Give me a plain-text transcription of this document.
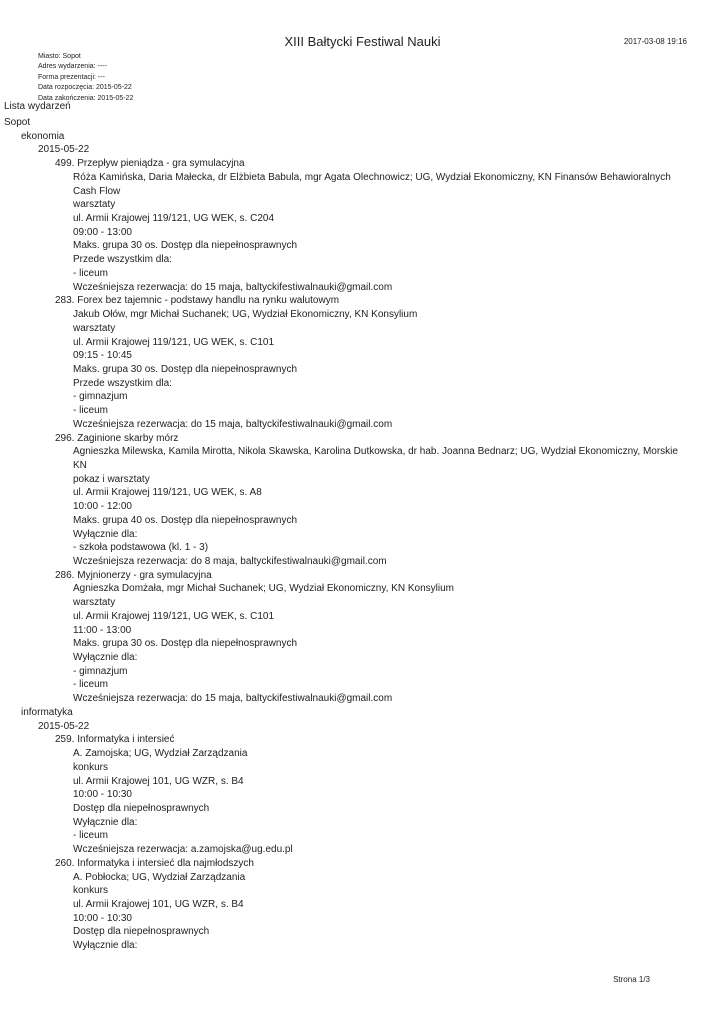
XIII Bałtycki Festiwal Nauki	2017-03-08 19:16
Miasto: Sopot
Adres wydarzenia: ----
Forma prezentacji: ---
Data rozpoczęcia: 2015-05-22
Data zakończenia: 2015-05-22
Lista wydarzeń
Sopot
ekonomia
2015-05-22
499. Przepływ pieniądza - gra symulacyjna
Róża Kamińska, Daria Małecka, dr Elżbieta Babula, mgr Agata Olechnowicz; UG, Wydział Ekonomiczny, KN Finansów Behawioralnych Cash Flow
warsztaty
ul. Armii Krajowej 119/121, UG WEK, s. C204
09:00 - 13:00
Maks. grupa 30 os. Dostęp dla niepełnosprawnych
Przede wszystkim dla:
- liceum
Wcześniejsza rezerwacja: do 15 maja, baltyckifestiwalnauki@gmail.com
283. Forex bez tajemnic - podstawy handlu na rynku walutowym
Jakub Ołów, mgr Michał Suchanek; UG, Wydział Ekonomiczny, KN Konsylium
warsztaty
ul. Armii Krajowej 119/121, UG WEK, s. C101
09:15 - 10:45
Maks. grupa 30 os. Dostęp dla niepełnosprawnych
Przede wszystkim dla:
- gimnazjum
- liceum
Wcześniejsza rezerwacja: do 15 maja, baltyckifestiwalnauki@gmail.com
296. Zaginione skarby mórz
Agnieszka Milewska, Kamila Mirotta, Nikola Skawska, Karolina Dutkowska, dr hab. Joanna Bednarz; UG, Wydział Ekonomiczny, Morskie KN
pokaz i warsztaty
ul. Armii Krajowej 119/121, UG WEK, s. A8
10:00 - 12:00
Maks. grupa 40 os. Dostęp dla niepełnosprawnych
Wyłącznie dla:
- szkoła podstawowa (kl. 1 - 3)
Wcześniejsza rezerwacja: do 8 maja, baltyckifestiwalnauki@gmail.com
286. Myjnionerzy - gra symulacyjna
Agnieszka Domżała, mgr Michał Suchanek; UG, Wydział Ekonomiczny, KN Konsylium
warsztaty
ul. Armii Krajowej 119/121, UG WEK, s. C101
11:00 - 13:00
Maks. grupa 30 os. Dostęp dla niepełnosprawnych
Wyłącznie dla:
- gimnazjum
- liceum
Wcześniejsza rezerwacja: do 15 maja, baltyckifestiwalnauki@gmail.com
informatyka
2015-05-22
259. Informatyka i intersieć
A. Zamojska; UG, Wydział Zarządzania
konkurs
ul. Armii Krajowej 101, UG WZR, s. B4
10:00 - 10:30
Dostęp dla niepełnosprawnych
Wyłącznie dla:
- liceum
Wcześniejsza rezerwacja: a.zamojska@ug.edu.pl
260. Informatyka i intersieć dla najmłodszych
A. Pobłocka; UG, Wydział Zarządzania
konkurs
ul. Armii Krajowej 101, UG WZR, s. B4
10:00 - 10:30
Dostęp dla niepełnosprawnych
Wyłącznie dla:
Strona 1/3
